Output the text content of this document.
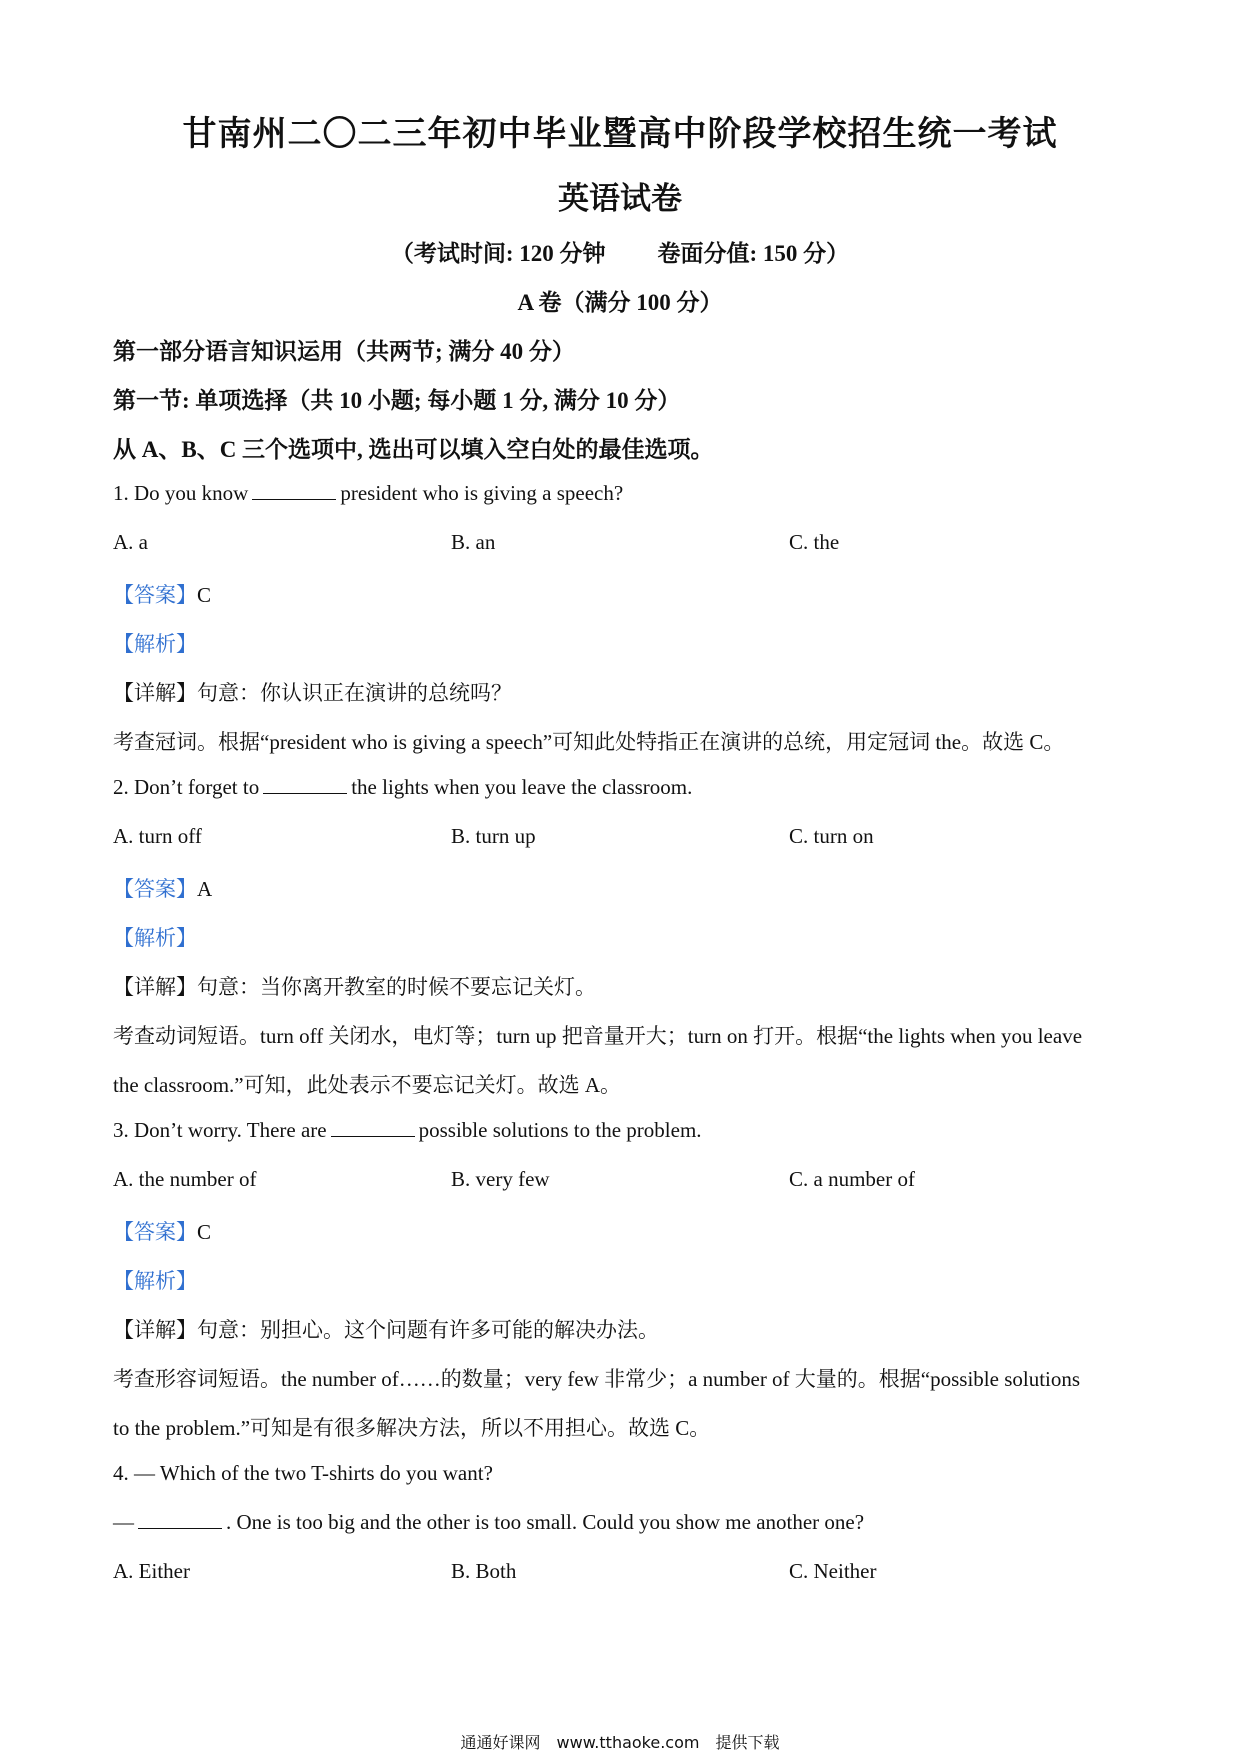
甘南州二〇二三年初中毕业暨高中阶段学校招生统一考试
英语试卷
（考试时间: 120 分钟 卷面分值: 150 分）
A 卷（满分 100 分）
第一部分语言知识运用（共两节; 满分 40 分）
第一节: 单项选择（共 10 小题; 每小题 1 分, 满分 10 分）
从 A、B、C 三个选项中, 选出可以填入空白处的最佳选项。
1. Do you know	president who is giving a speech?
A. a	B. an	C. the
【答案】C
【解析】
【详解】句意：你认识正在演讲的总统吗？
考查冠词。根据“president who is giving a speech”可知此处特指正在演讲的总统，用定冠词 the。故选 C。
2. Don’t forget to	the lights when you leave the classroom.
A. turn off	B. turn up	C. turn on
【答案】A
【解析】
【详解】句意：当你离开教室的时候不要忘记关灯。
考查动词短语。turn off 关闭水，电灯等；turn up 把音量开大；turn on 打开。根据“the lights when you leave
the classroom.”可知，此处表示不要忘记关灯。故选 A。
3. Don’t worry. There are	possible solutions to the problem.
A. the number of	B. very few	C. a number of
【答案】C
【解析】
【详解】句意：别担心。这个问题有许多可能的解决办法。
考查形容词短语。the number of……的数量；very few 非常少；a number of 大量的。根据“possible solutions
to the problem.”可知是有很多解决方法，所以不用担心。故选 C。
4. — Which of the two T-shirts do you want?
—	. One is too big and the other is too small. Could you show me another one?
A. Either	B. Both	C. Neither
通通好课网　www.tthaoke.com　提供下载
